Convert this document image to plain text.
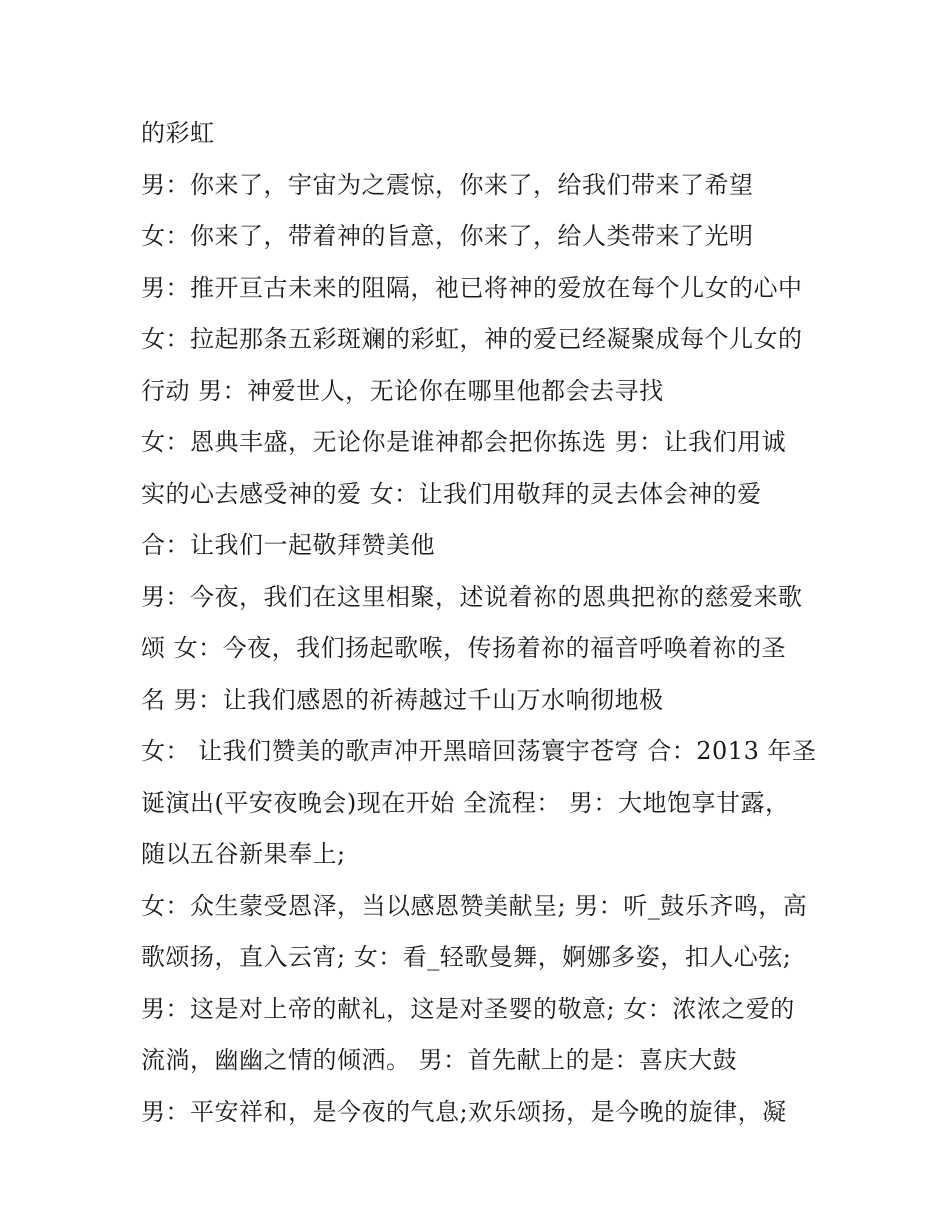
的彩虹
男：你来了，宇宙为之震惊，你来了，给我们带来了希望
女：你来了，带着神的旨意，你来了，给人类带来了光明
男：推开亘古未来的阻隔，祂已将神的爱放在每个儿女的心中
女：拉起那条五彩斑斓的彩虹，神的爱已经凝聚成每个儿女的
行动 男：神爱世人，无论你在哪里他都会去寻找
女：恩典丰盛，无论你是谁神都会把你拣选 男：让我们用诚
实的心去感受神的爱 女：让我们用敬拜的灵去体会神的爱
合：让我们一起敬拜赞美他
男：今夜，我们在这里相聚，述说着祢的恩典把祢的慈爱来歌
颂 女：今夜，我们扬起歌喉，传扬着祢的福音呼唤着祢的圣
名 男：让我们感恩的祈祷越过千山万水响彻地极
女： 让我们赞美的歌声冲开黑暗回荡寰宇苍穹 合：2013 年圣
诞演出(平安夜晚会)现在开始 全流程： 男：大地饱享甘露，
随以五谷新果奉上;
女：众生蒙受恩泽，当以感恩赞美献呈; 男：听_鼓乐齐鸣，高
歌颂扬，直入云宵; 女：看_轻歌曼舞，婀娜多姿，扣人心弦;
男：这是对上帝的献礼，这是对圣婴的敬意; 女：浓浓之爱的
流淌，幽幽之情的倾洒。 男：首先献上的是：喜庆大鼓
男：平安祥和，是今夜的气息;欢乐颂扬，是今晚的旋律，凝
